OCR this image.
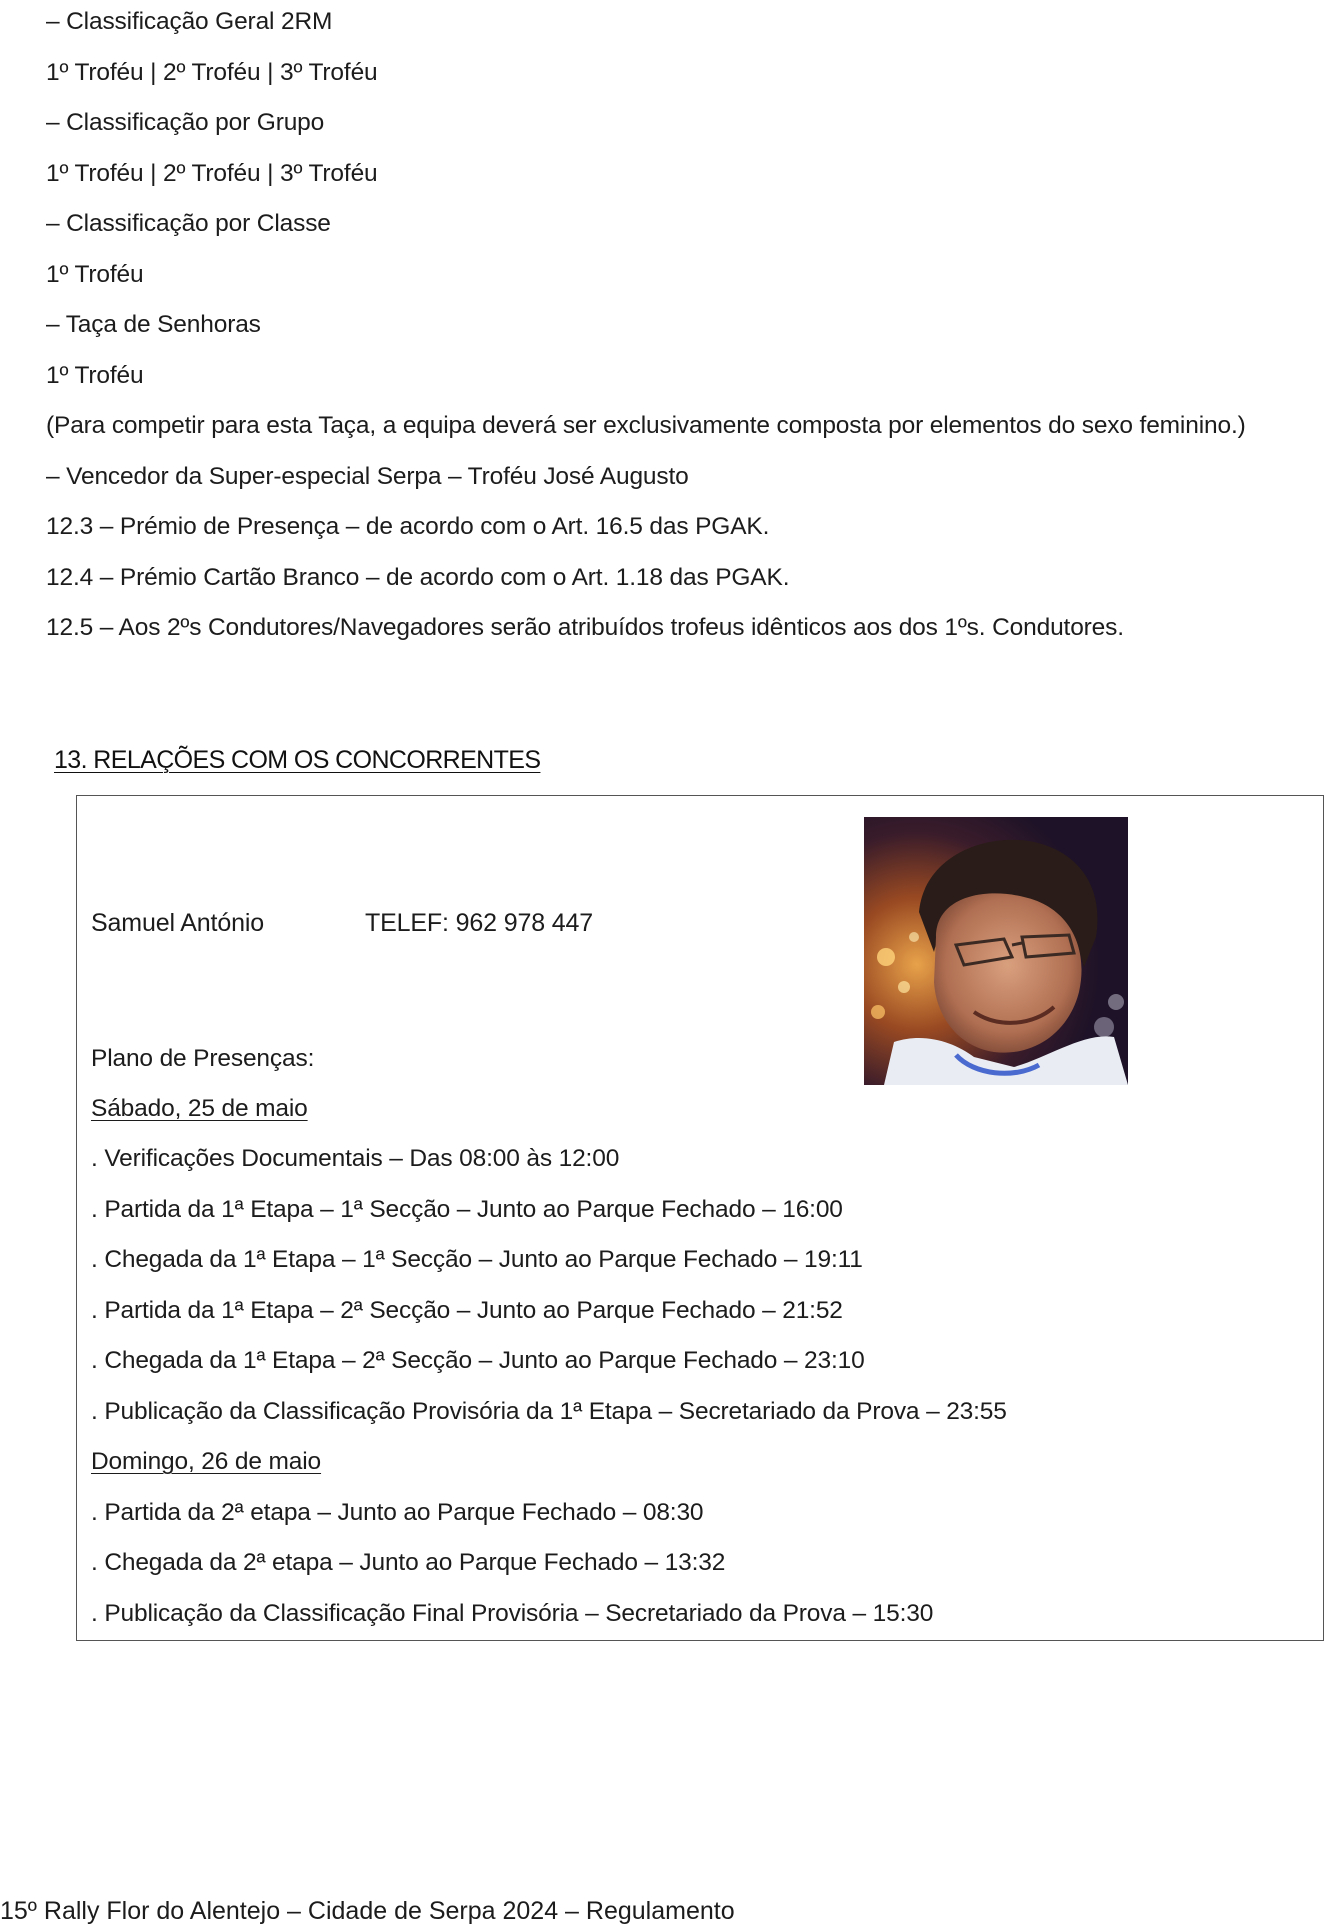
– Classificação Geral 2RM
1º Troféu | 2º Troféu | 3º Troféu
– Classificação por Grupo
1º Troféu | 2º Troféu | 3º Troféu
– Classificação por Classe
1º Troféu
– Taça de Senhoras
1º Troféu
(Para competir para esta Taça, a equipa deverá ser exclusivamente composta por elementos do sexo feminino.)
– Vencedor da Super-especial Serpa – Troféu José Augusto
12.3 – Prémio de Presença – de acordo com o Art. 16.5 das PGAK.
12.4 – Prémio Cartão Branco – de acordo com o Art. 1.18 das PGAK.
12.5 – Aos 2ºs Condutores/Navegadores serão atribuídos trofeus idênticos aos dos 1ºs. Condutores.
13. RELAÇÕES COM OS CONCORRENTES
Samuel António	TELEF: 962 978 447
Plano de Presenças:
Sábado, 25 de maio
. Verificações Documentais – Das 08:00 às 12:00
. Partida da 1ª Etapa – 1ª Secção – Junto ao Parque Fechado – 16:00
. Chegada da 1ª Etapa – 1ª Secção – Junto ao Parque Fechado – 19:11
. Partida da 1ª Etapa – 2ª Secção – Junto ao Parque Fechado – 21:52
. Chegada da 1ª Etapa – 2ª Secção – Junto ao Parque Fechado – 23:10
. Publicação da Classificação Provisória da 1ª Etapa – Secretariado da Prova – 23:55
Domingo, 26 de maio
. Partida da 2ª etapa – Junto ao Parque Fechado – 08:30
. Chegada da 2ª etapa – Junto ao Parque Fechado – 13:32
. Publicação da Classificação Final Provisória – Secretariado da Prova – 15:30
15º Rally Flor do Alentejo – Cidade de Serpa 2024 – Regulamento
